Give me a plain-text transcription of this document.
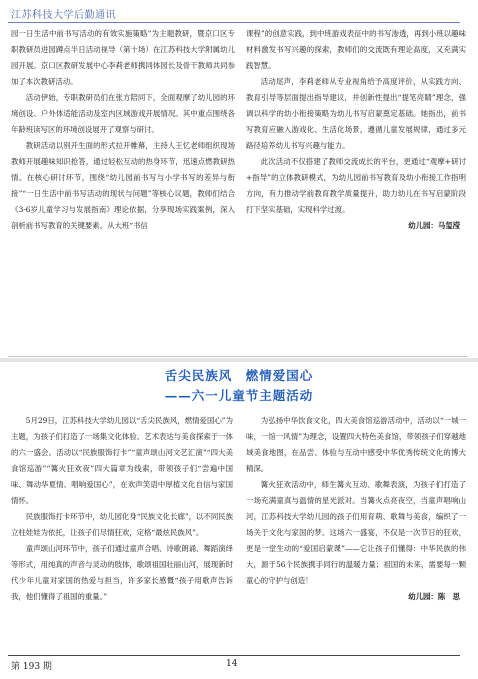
江苏科技大学后勤通讯

园一日生活中前书写活动的有效实施策略”为主题教研，暨京口区专职教研员进园蹲点半日活动视导（第十场）在江苏科技大学附属幼儿园开展。京口区教研发展中心李莉老师携同体园长及骨干教师共同参加了本次教研活动。

活动伊始，专职教研员们在张方陪同下，全面观摩了幼儿园的环境创设、户外体适能活动及室内区域游戏开展情况。其中重点围绕各年龄班读写区的环境创设展开了观察与研讨。

教研活动以别开生面的形式拉开帷幕，主持人王忆老师组织现场教师开展趣味知识抢答，通过轻松互动的热身环节，迅速点燃教研热情。在核心研讨环节，围绕“幼儿园前书写与小学书写的差异与衔接”“一日生活中前书写活动的现状与问题”等核心议题，教师们结合《3-6岁儿童学习与发展指南》理论依据，分享现场实践案例，深入剖析前书写教育的关键要素。从大班“书信

课程”的创意实践，到中班游戏表征中的书写渗透，再到小班以趣味材料激发书写兴趣的探索，教师们的交流既有理论高度，又充满实践智慧。

活动尾声，李莉老师从专业视角给予高度评价，从实践方向、教育引导等层面提出指导建议，并创新性提出“提笔亮睛”理念，强调以科学的幼小衔接策略为幼儿书写启蒙奠定基础。她指出，前书写教育应融入游戏化、生活化场景，遵循儿童发展规律，通过多元路径培养幼儿书写兴趣与能力。

此次活动不仅搭建了教师交流成长的平台，更通过“观摩+研讨+指导”的立体教研模式，为幼儿园前书写教育及幼小衔接工作指明方向，有力推动学前教育教学质量提升，助力幼儿在书写启蒙阶段打下坚实基础，实现科学过渡。

幼儿园：马玺滢

舌尖民族风　燃情爱国心
——六一儿童节主题活动

5月29日，江苏科技大学幼儿园以“舌尖民族风，燃情爱国心”为主题，为孩子们打造了一场集文化体验、艺术表达与美食探索于一体的六一盛会。活动以“民族服饰打卡”“童声颂山河文艺汇演”“四大美食馆巡游”“篝火狂欢夜”四大篇章为线索，带领孩子们“尝遍中国味、舞动华夏情、唱响爱国心”，在欢声笑语中厚植文化自信与家国情怀。

民族服饰打卡环节中，幼儿园化身“民族文化长廊”，以不同民族立柱娃娃为依托，让孩子们尽情狂欢，定格“最炫民族风”。

童声颂山河环节中，孩子们通过童声合唱、诗歌朗诵、舞蹈演绎等形式，用纯真的声音与灵动的肢体，歌颂祖国壮丽山河，展现新时代少年儿童对家国的热爱与担当，许多家长感慨“孩子用歌声告诉我，他们懂得了祖国的重量。”

为弘扬中华饮食文化，四大美食馆巡游活动中，活动以“一城一味，一馆一风情”为理念，设置四大特色美食馆，带领孩子们穿越地域美食地图，在品尝、体验与互动中感受中华优秀传统文化的博大精深。

篝火狂欢活动中，师生篝火互动、歌舞表演，为孩子们打造了一场充满童真与温情的星光派对。当篝火点亮夜空，当童声唱响山河，江苏科技大学幼儿园的孩子们用育萌、歌舞与美食，编织了一场关于文化与家国的梦。这场六一盛宴，不仅是一次节日的狂欢，更是一堂生动的“爱国启蒙课”——它让孩子们懂得：中华民族的伟大，源于56个民族携手同行的温暖力量；祖国的未来，需要每一颗童心的守护与创造！

幼儿园：陈　思

第 193 期	14
